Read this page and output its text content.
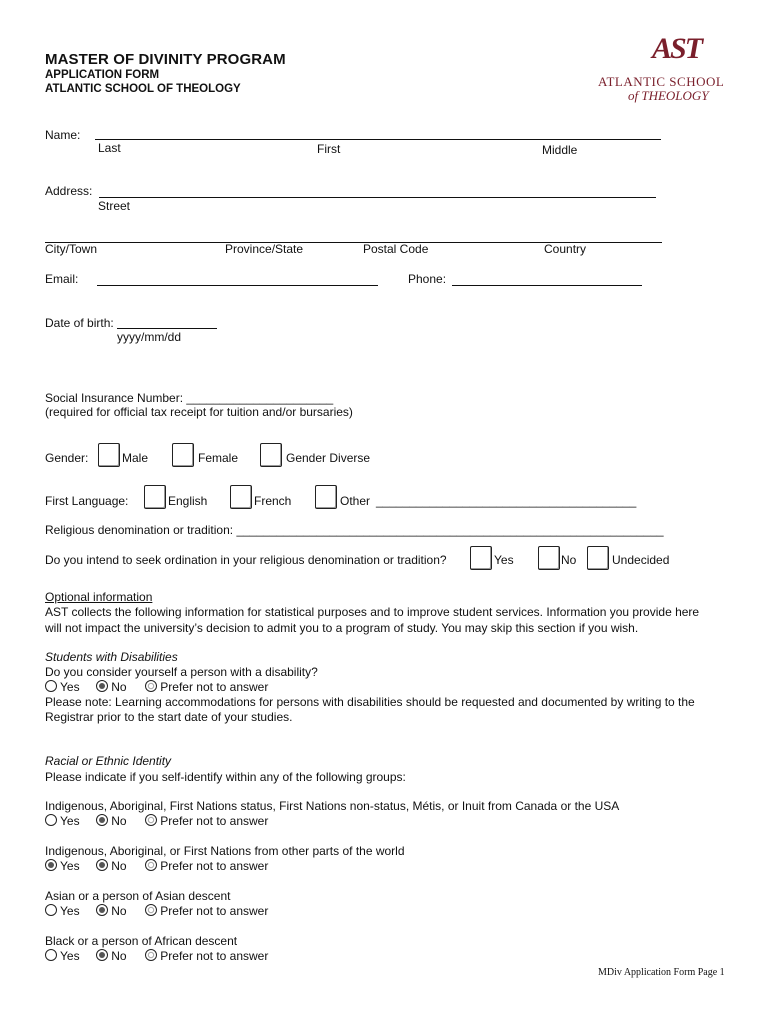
MASTER OF DIVINITY PROGRAM
APPLICATION FORM
ATLANTIC SCHOOL OF THEOLOGY
AST
ATLANTIC SCHOOL
of THEOLOGY
Name:
Last	First	Middle
Address:
Street
City/Town	Province/State	Postal Code	Country
Email:	Phone:
Date of birth:
yyyy/mm/dd
Social Insurance Number: ______________________
(required for official tax receipt for tuition and/or bursaries)
Gender:	Male	Female	Gender Diverse
First Language:	English	French	Other _______________________________________
Religious denomination or tradition: ________________________________________________________________
Do you intend to seek ordination in your religious denomination or tradition?	Yes	No	Undecided
Optional information
AST collects the following information for statistical purposes and to improve student services. Information you provide here
will not impact the university’s decision to admit you to a program of study. You may skip this section if you wish.
Students with Disabilities
Do you consider yourself a person with a disability?
Yes	No	Prefer not to answer
Please note: Learning accommodations for persons with disabilities should be requested and documented by writing to the
Registrar prior to the start date of your studies.
Racial or Ethnic Identity
Please indicate if you self-identify within any of the following groups:
Indigenous, Aboriginal, First Nations status, First Nations non-status, Métis, or Inuit from Canada or the USA
Yes	No	Prefer not to answer
Indigenous, Aboriginal, or First Nations from other parts of the world
Yes	No	Prefer not to answer
Asian or a person of Asian descent
Yes	No	Prefer not to answer
Black or a person of African descent
Yes	No	Prefer not to answer
MDiv Application Form Page 1
